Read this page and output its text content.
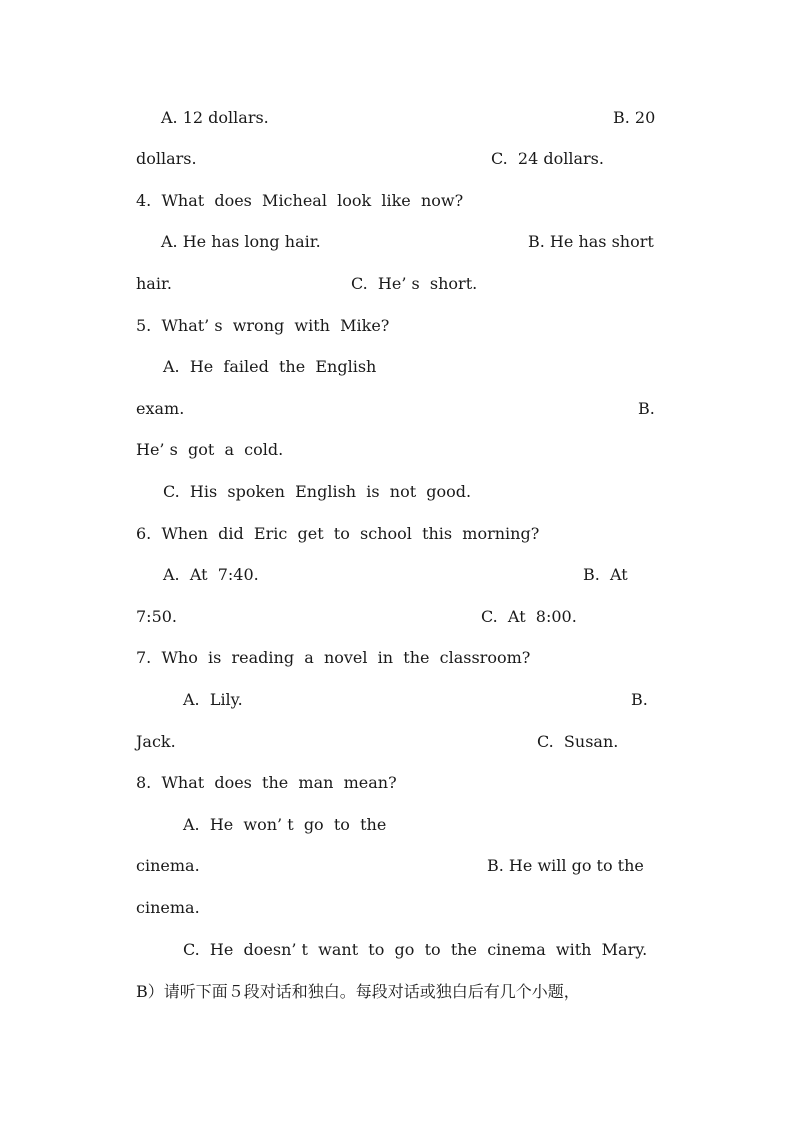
A. 12 dollars.	B. 20

dollars.	C.  24 dollars.

4.  What  does  Micheal  look  like  now?

A. He has long hair.	B. He has short

hair.	C.  He’ s  short.

5.  What’ s  wrong  with  Mike?

A.  He  failed  the  English

exam.	B.

He’ s  got  a  cold.

C.  His  spoken  English  is  not  good.

6.  When  did  Eric  get  to  school  this  morning?

A.  At  7:40.	B.  At

7:50.	C.  At  8:00.

7.  Who  is  reading  a  novel  in  the  classroom?

A.  Lily.	B.

Jack.	C.  Susan.

8.  What  does  the  man  mean?

A.  He  won’ t  go  to  the

cinema.	B. He will go to the

cinema.

C.  He  doesn’ t  want  to  go  to  the  cinema  with  Mary.

B）请听下面５段对话和独白。每段对话或独白后有几个小题，
